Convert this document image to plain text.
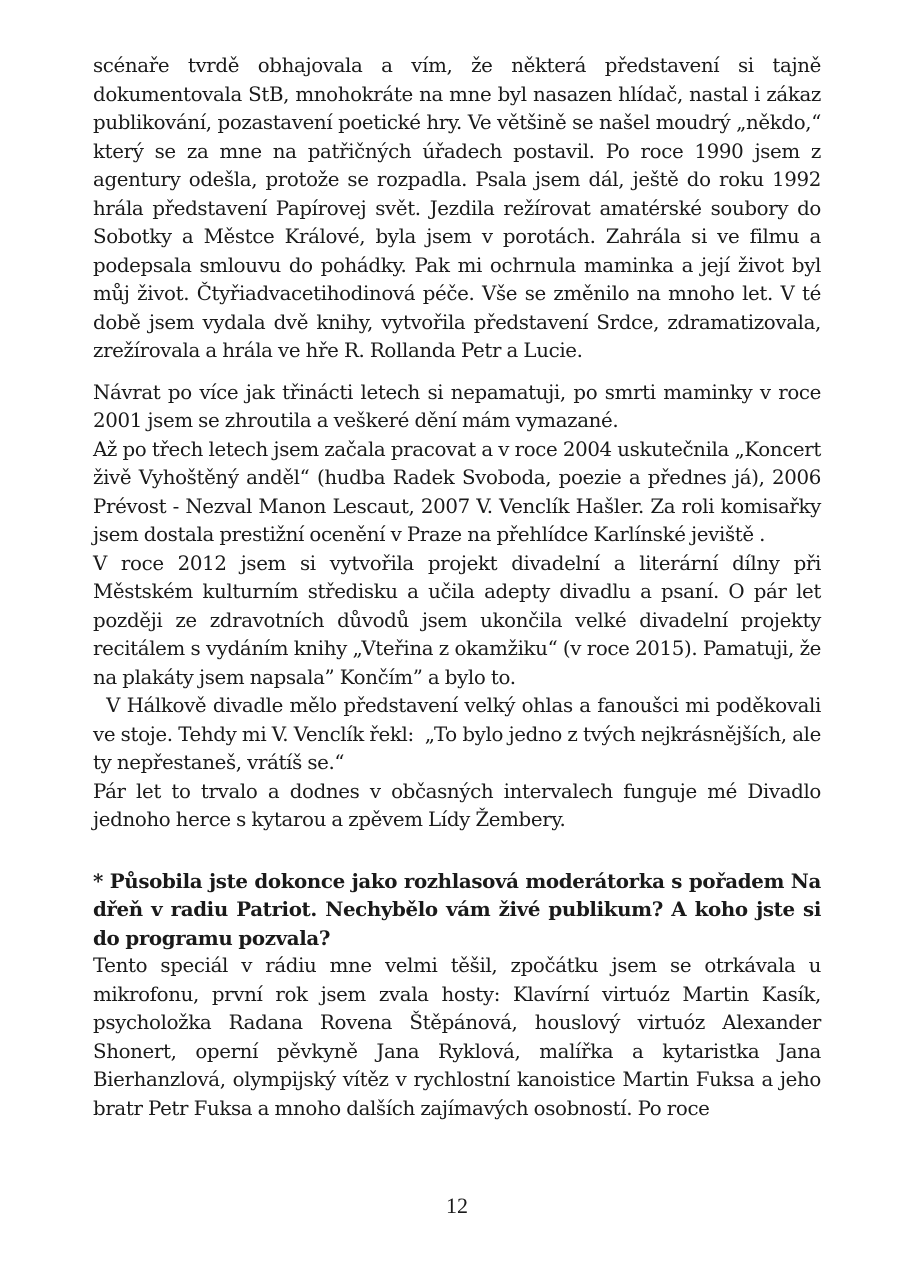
scénaře tvrdě obhajovala a vím, že některá představení si tajně dokumentovala StB, mnohokráte na mne byl nasazen hlídač, nastal i zákaz publikování, pozastavení poetické hry. Ve většině se našel moudrý „někdo,“ který se za mne na patřičných úřadech postavil. Po roce 1990 jsem z agentury odešla, protože se rozpadla. Psala jsem dál, ještě do roku 1992 hrála představení Papírovej svět. Jezdila režírovat amatérské soubory do Sobotky a Městce Králové, byla jsem v porotách. Zahrála si ve filmu a podepsala smlouvu do pohádky. Pak mi ochrnula maminka a její život byl můj život. Čtyřiadvacetihodinová péče. Vše se změnilo na mnoho let. V té době jsem vydala dvě knihy, vytvořila představení Srdce, zdramatizovala, zrežírovala a hrála ve hře R. Rollanda Petr a Lucie.

Návrat po více jak třinácti letech si nepamatuji, po smrti maminky v roce 2001 jsem se zhroutila a veškeré dění mám vymazané.

Až po třech letech jsem začala pracovat a v roce 2004 uskutečnila „Koncert živě Vyhoštěný anděl“ (hudba Radek Svoboda, poezie a přednes já), 2006 Prévost - Nezval Manon Lescaut, 2007 V. Venclík Hašler. Za roli komisařky jsem dostala prestižní ocenění v Praze na přehlídce Karlínské jeviště .

V roce 2012 jsem si vytvořila projekt divadelní a literární dílny při Městském kulturním středisku a učila adepty divadlu a psaní. O pár let později ze zdravotních důvodů jsem ukončila velké divadelní projekty recitálem s vydáním knihy „Vteřina z okamžiku“ (v roce 2015). Pamatuji, že na plakáty jsem napsala” Končím” a bylo to.

V Hálkově divadle mělo představení velký ohlas a fanoušci mi poděkovali ve stoje. Tehdy mi V. Venclík řekl:  „To bylo jedno z tvých nejkrásnějších, ale ty nepřestaneš, vrátíš se.“

Pár let to trvalo a dodnes v občasných intervalech funguje mé Divadlo jednoho herce s kytarou a zpěvem Lídy Žembery.

* Působila jste dokonce jako rozhlasová moderátorka s pořadem Na dřeň v radiu Patriot. Nechybělo vám živé publikum? A koho jste si do programu pozvala?

Tento speciál v rádiu mne velmi těšil, zpočátku jsem se otrkávala u mikrofonu, první rok jsem zvala hosty: Klavírní virtuóz Martin Kasík, psycholožka Radana Rovena Štěpánová, houslový virtuóz Alexander Shonert, operní pěvkyně Jana Ryklová, malířka a kytaristka Jana Bierhanzlová, olympijský vítěz v rychlostní kanoistice Martin Fuksa a jeho bratr Petr Fuksa a mnoho dalších zajímavých osobností. Po roce

12
